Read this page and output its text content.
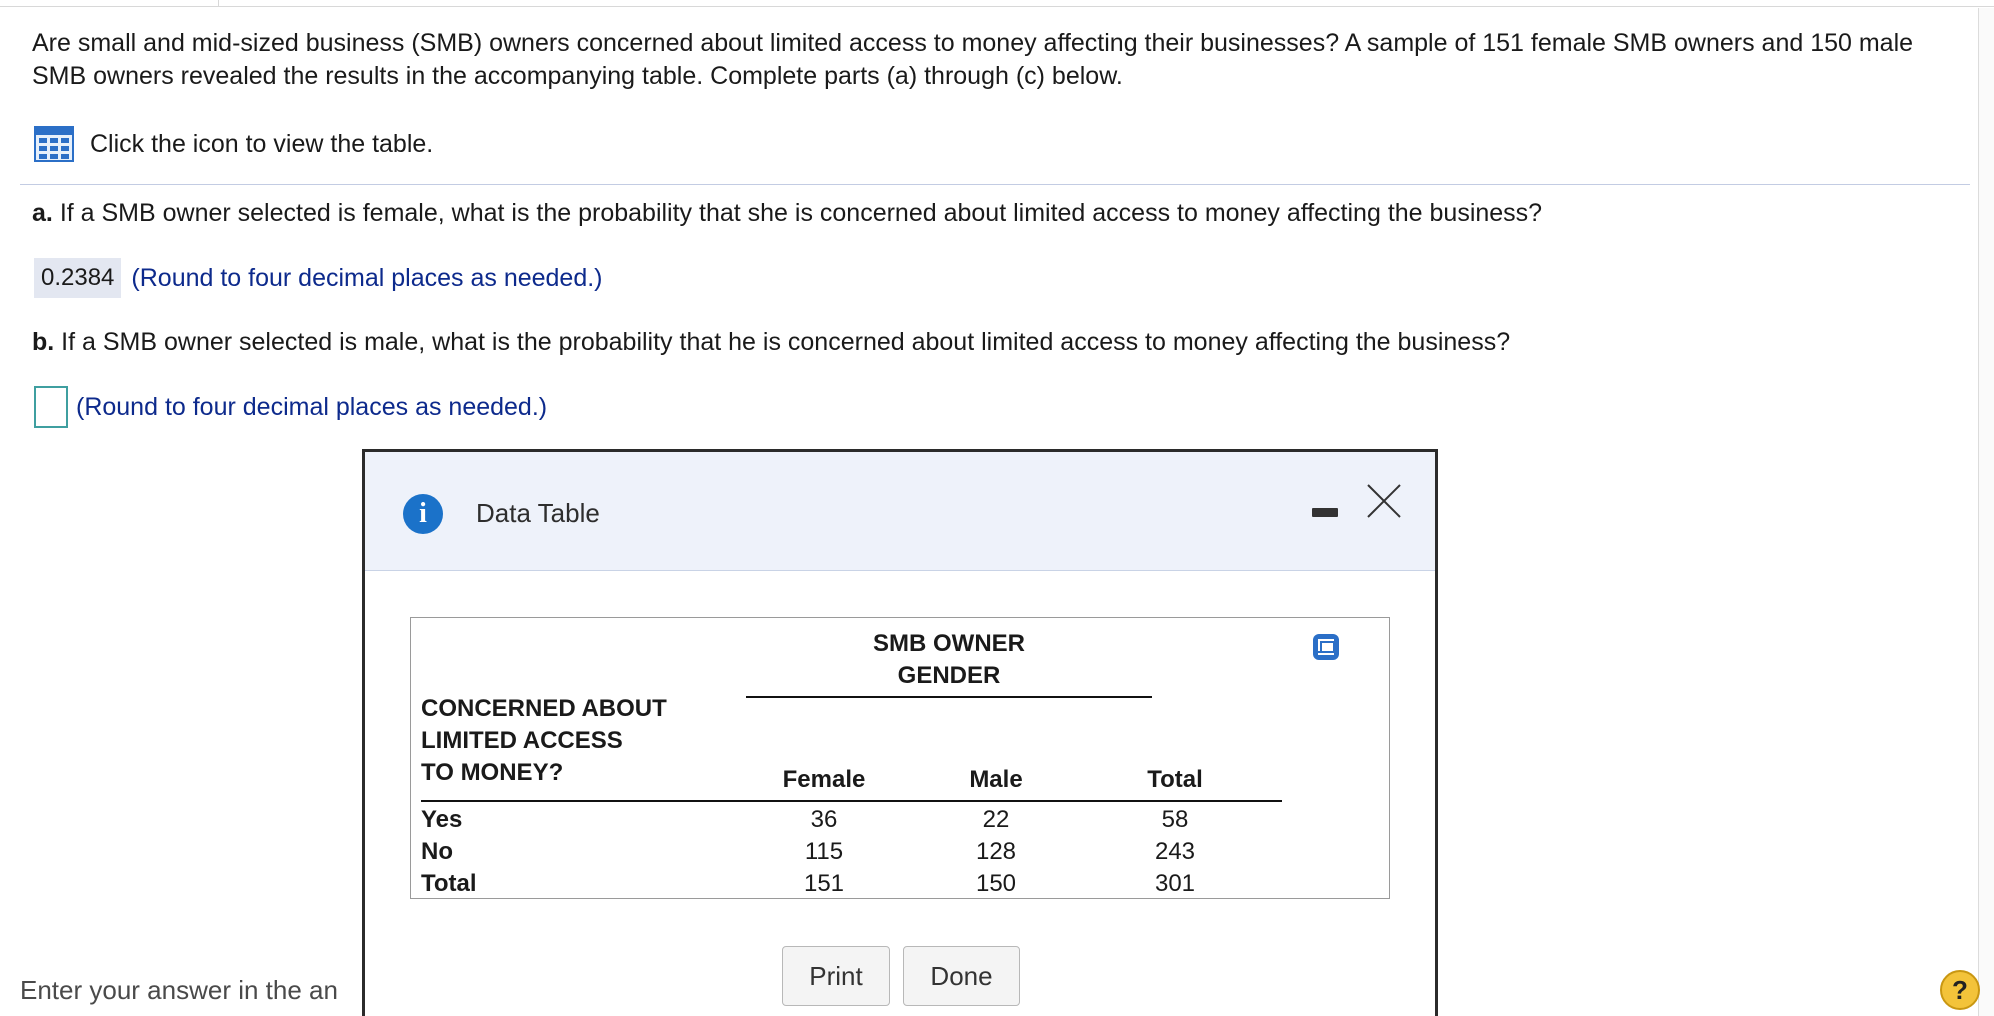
Are small and mid-sized business (SMB) owners concerned about limited access to money affecting their businesses? A sample of 151 female SMB owners and 150 male SMB owners revealed the results in the accompanying table. Complete parts (a) through (c) below.

Click the icon to view the table.

a. If a SMB owner selected is female, what is the probability that she is concerned about limited access to money affecting the business?

0.2384 (Round to four decimal places as needed.)

b. If a SMB owner selected is male, what is the probability that he is concerned about limited access to money affecting the business?

(Round to four decimal places as needed.)
Enter your answer in the an	?
i	Data Table
SMB OWNER
GENDER
CONCERNED ABOUT
LIMITED ACCESS
TO MONEY?	Female	Male	Total
Yes	36	22	58
No	115	128	243
Total	151	150	301
Print	Done
